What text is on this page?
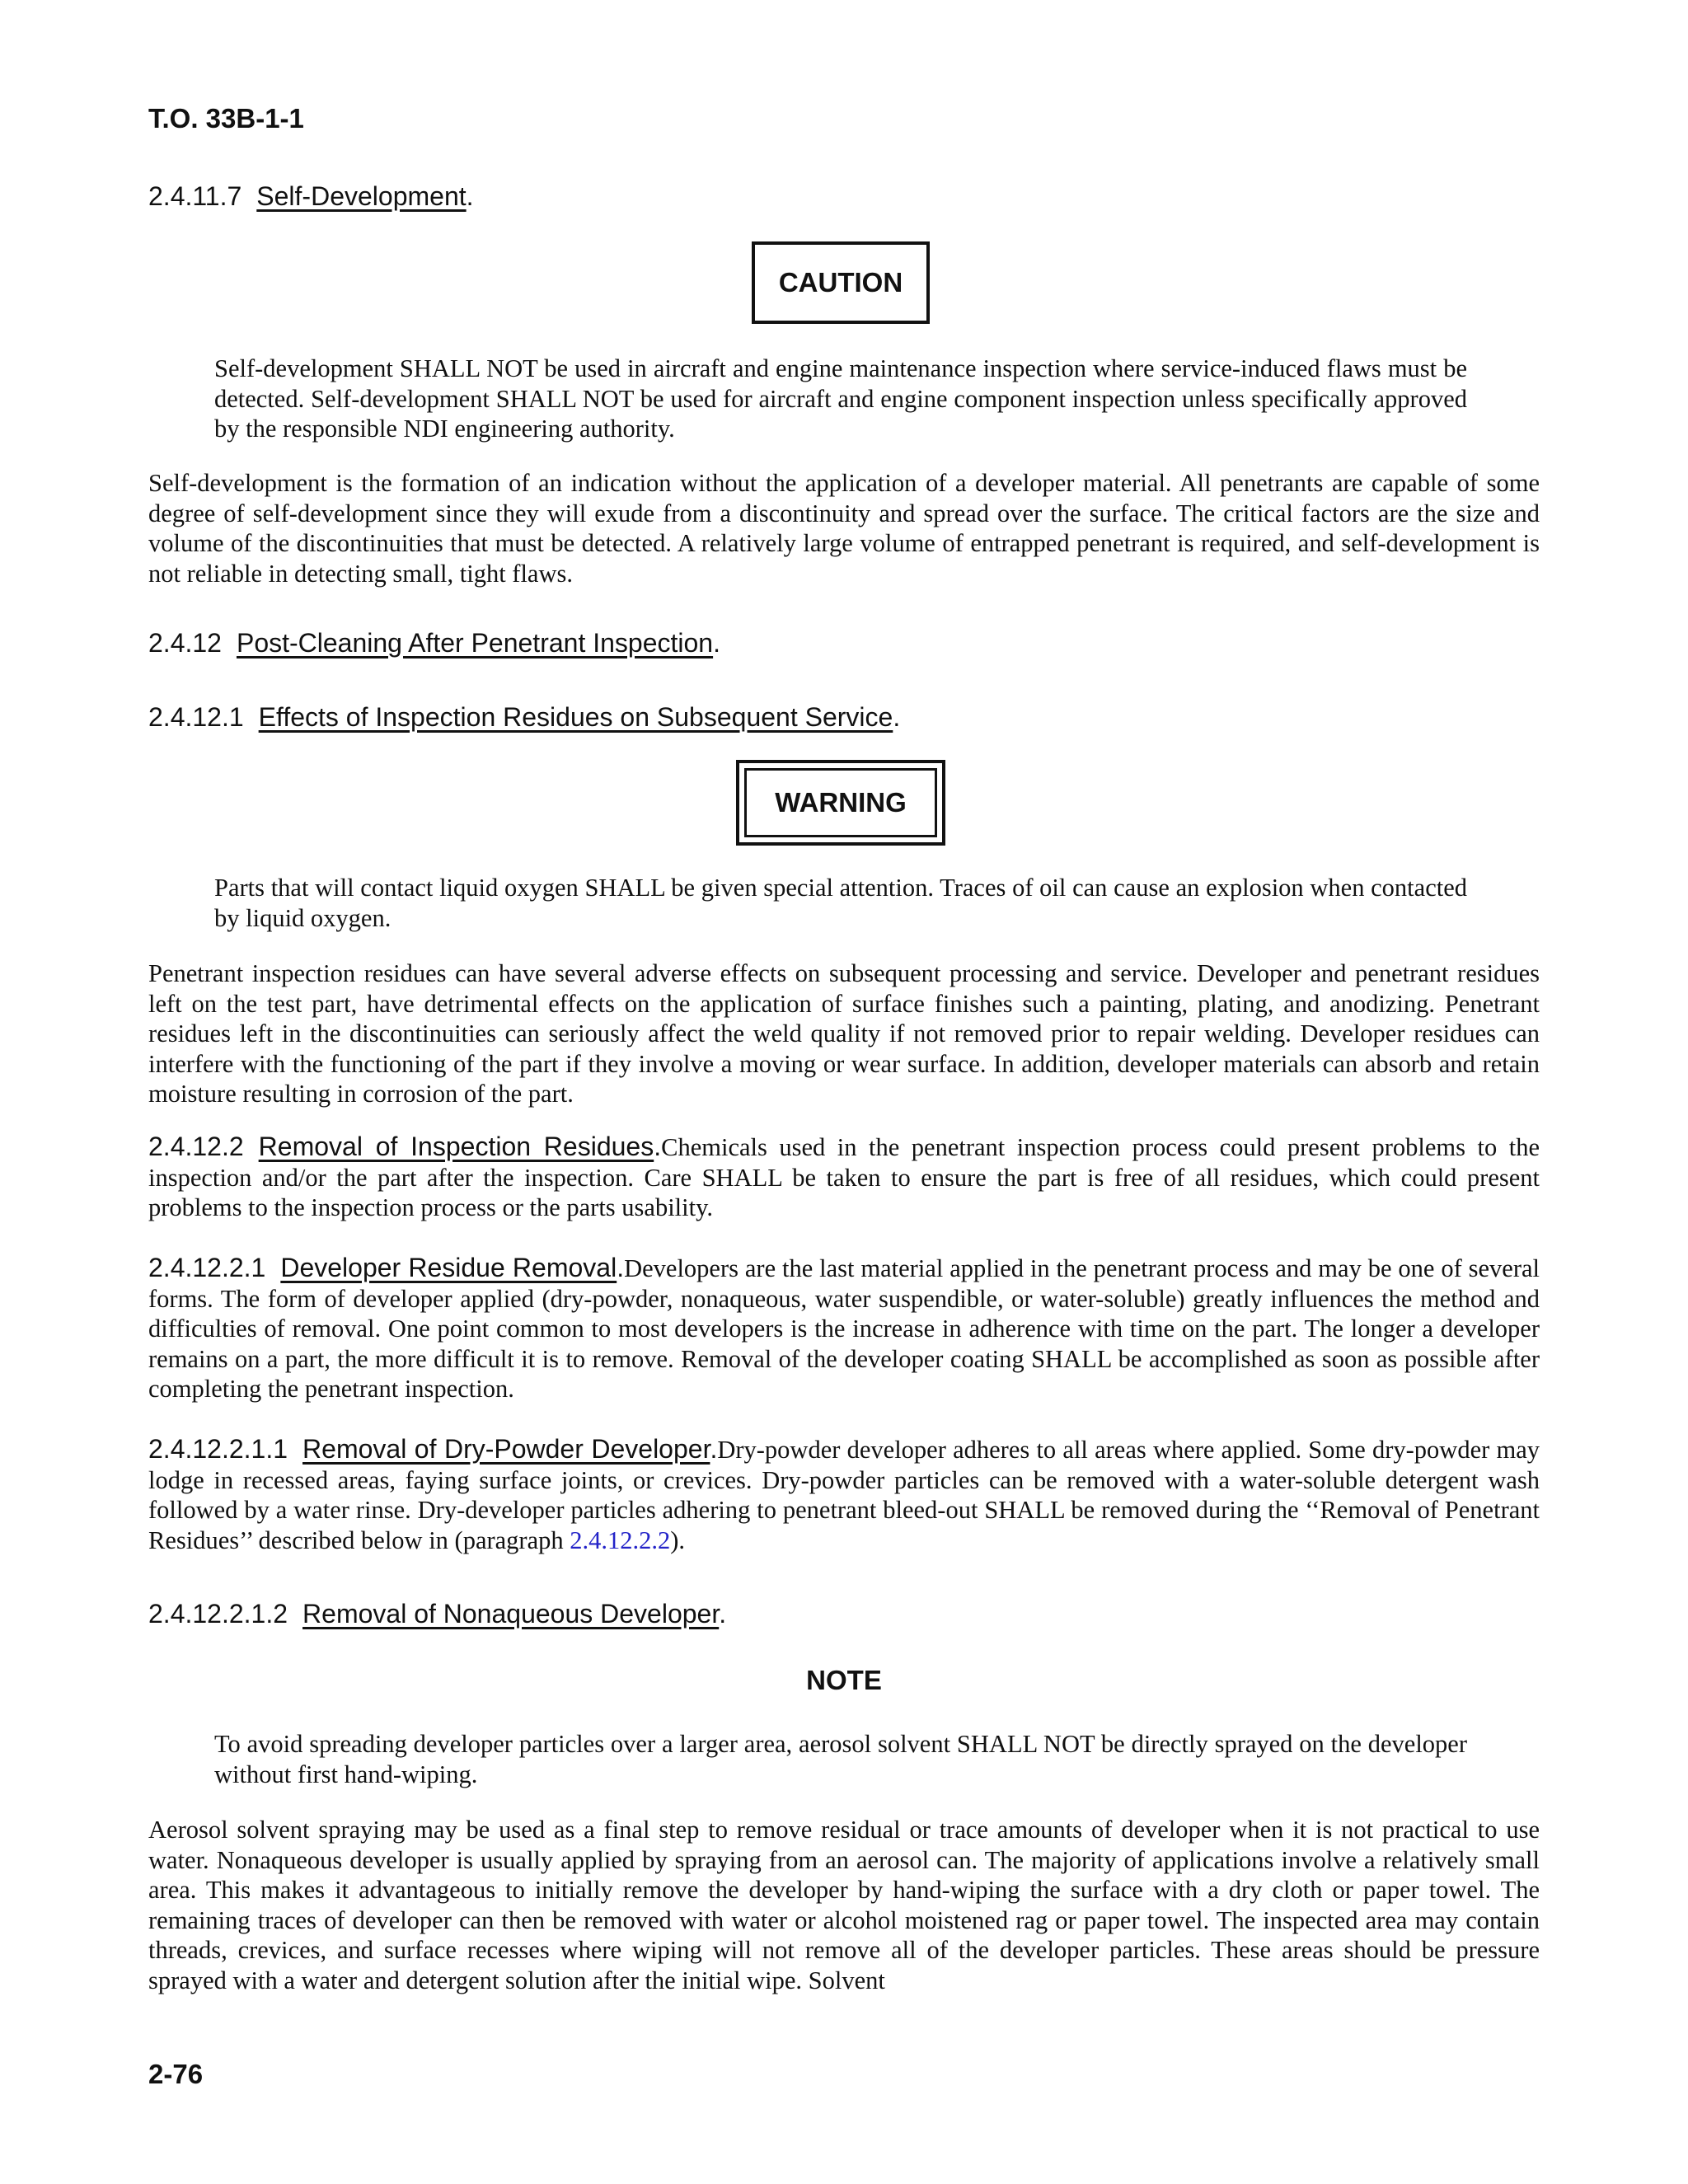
T.O. 33B-1-1
2.4.11.7 Self-Development.
CAUTION
Self-development SHALL NOT be used in aircraft and engine maintenance inspection where service-induced flaws must be detected. Self-development SHALL NOT be used for aircraft and engine component inspection unless specifically approved by the responsible NDI engineering authority.
Self-development is the formation of an indication without the application of a developer material. All penetrants are capable of some degree of self-development since they will exude from a discontinuity and spread over the surface. The critical factors are the size and volume of the discontinuities that must be detected. A relatively large volume of entrapped penetrant is required, and self-development is not reliable in detecting small, tight flaws.
2.4.12 Post-Cleaning After Penetrant Inspection.
2.4.12.1 Effects of Inspection Residues on Subsequent Service.
WARNING
Parts that will contact liquid oxygen SHALL be given special attention. Traces of oil can cause an explosion when contacted by liquid oxygen.
Penetrant inspection residues can have several adverse effects on subsequent processing and service. Developer and penetrant residues left on the test part, have detrimental effects on the application of surface finishes such a painting, plating, and anodizing. Penetrant residues left in the discontinuities can seriously affect the weld quality if not removed prior to repair welding. Developer residues can interfere with the functioning of the part if they involve a moving or wear surface. In addition, developer materials can absorb and retain moisture resulting in corrosion of the part.
2.4.12.2 Removal of Inspection Residues.Chemicals used in the penetrant inspection process could present problems to the inspection and/or the part after the inspection. Care SHALL be taken to ensure the part is free of all residues, which could present problems to the inspection process or the parts usability.
2.4.12.2.1 Developer Residue Removal.Developers are the last material applied in the penetrant process and may be one of several forms. The form of developer applied (dry-powder, nonaqueous, water suspendible, or water-soluble) greatly influences the method and difficulties of removal. One point common to most developers is the increase in adherence with time on the part. The longer a developer remains on a part, the more difficult it is to remove. Removal of the developer coating SHALL be accomplished as soon as possible after completing the penetrant inspection.
2.4.12.2.1.1 Removal of Dry-Powder Developer.Dry-powder developer adheres to all areas where applied. Some dry-powder may lodge in recessed areas, faying surface joints, or crevices. Dry-powder particles can be removed with a water-soluble detergent wash followed by a water rinse. Dry-developer particles adhering to penetrant bleed-out SHALL be removed during the ‘‘Removal of Penetrant Residues’’ described below in (paragraph 2.4.12.2.2).
2.4.12.2.1.2 Removal of Nonaqueous Developer.
NOTE
To avoid spreading developer particles over a larger area, aerosol solvent SHALL NOT be directly sprayed on the developer without first hand-wiping.
Aerosol solvent spraying may be used as a final step to remove residual or trace amounts of developer when it is not practical to use water. Nonaqueous developer is usually applied by spraying from an aerosol can. The majority of applications involve a relatively small area. This makes it advantageous to initially remove the developer by hand-wiping the surface with a dry cloth or paper towel. The remaining traces of developer can then be removed with water or alcohol moistened rag or paper towel. The inspected area may contain threads, crevices, and surface recesses where wiping will not remove all of the developer particles. These areas should be pressure sprayed with a water and detergent solution after the initial wipe. Solvent
2-76
